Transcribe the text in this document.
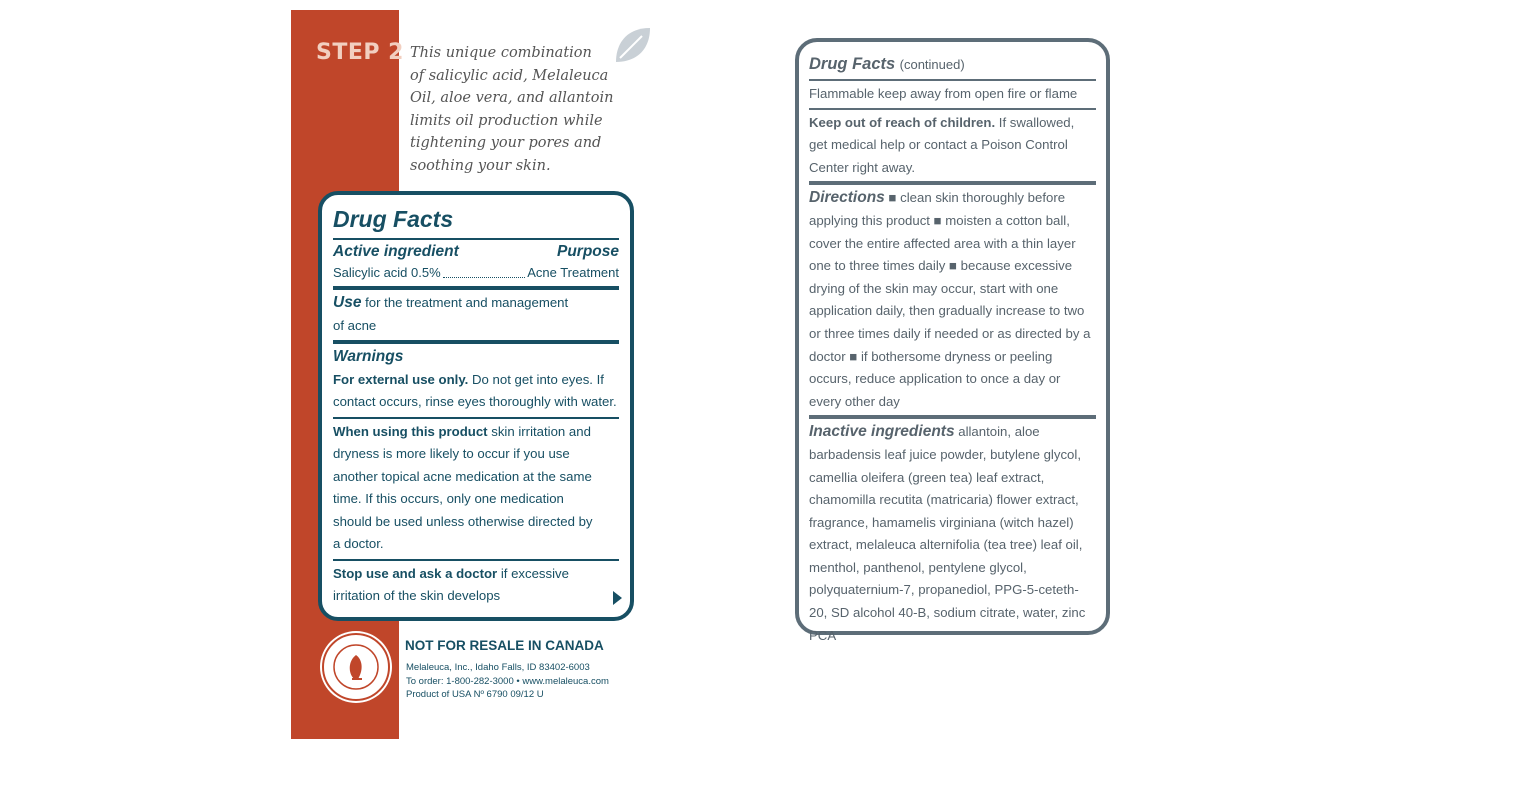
STEP 2 This unique combination
of salicylic acid, Melaleuca
Oil, aloe vera, and allantoin
limits oil production while
tightening your pores and
soothing your skin.
Drug Facts
Active ingredient	Purpose
Salicylic acid 0.5%	Acne Treatment
Use for the treatment and management of acne
Warnings
For external use only. Do not get into eyes. If contact occurs, rinse eyes thoroughly with water.
When using this product skin irritation and dryness is more likely to occur if you use another topical acne medication at the same time. If this occurs, only one medication should be used unless otherwise directed by a doctor.
Stop use and ask a doctor if excessive irritation of the skin develops
NOT FOR RESALE IN CANADA
Melaleuca, Inc., Idaho Falls, ID 83402-6003
To order: 1-800-282-3000 • www.melaleuca.com
Product of USA Nº 6790 09/12 U
Drug Facts (continued)
Flammable keep away from open fire or flame
Keep out of reach of children. If swallowed, get medical help or contact a Poison Control Center right away.
Directions ■ clean skin thoroughly before applying this product ■ moisten a cotton ball, cover the entire affected area with a thin layer one to three times daily ■ because excessive drying of the skin may occur, start with one application daily, then gradually increase to two or three times daily if needed or as directed by a doctor ■ if bothersome dryness or peeling occurs, reduce application to once a day or every other day
Inactive ingredients allantoin, aloe barbadensis leaf juice powder, butylene glycol, camellia oleifera (green tea) leaf extract, chamomilla recutita (matricaria) flower extract, fragrance, hamamelis virginiana (witch hazel) extract, melaleuca alternifolia (tea tree) leaf oil, menthol, panthenol, pentylene glycol, polyquaternium-7, propanediol, PPG-5-ceteth-20, SD alcohol 40-B, sodium citrate, water, zinc PCA
